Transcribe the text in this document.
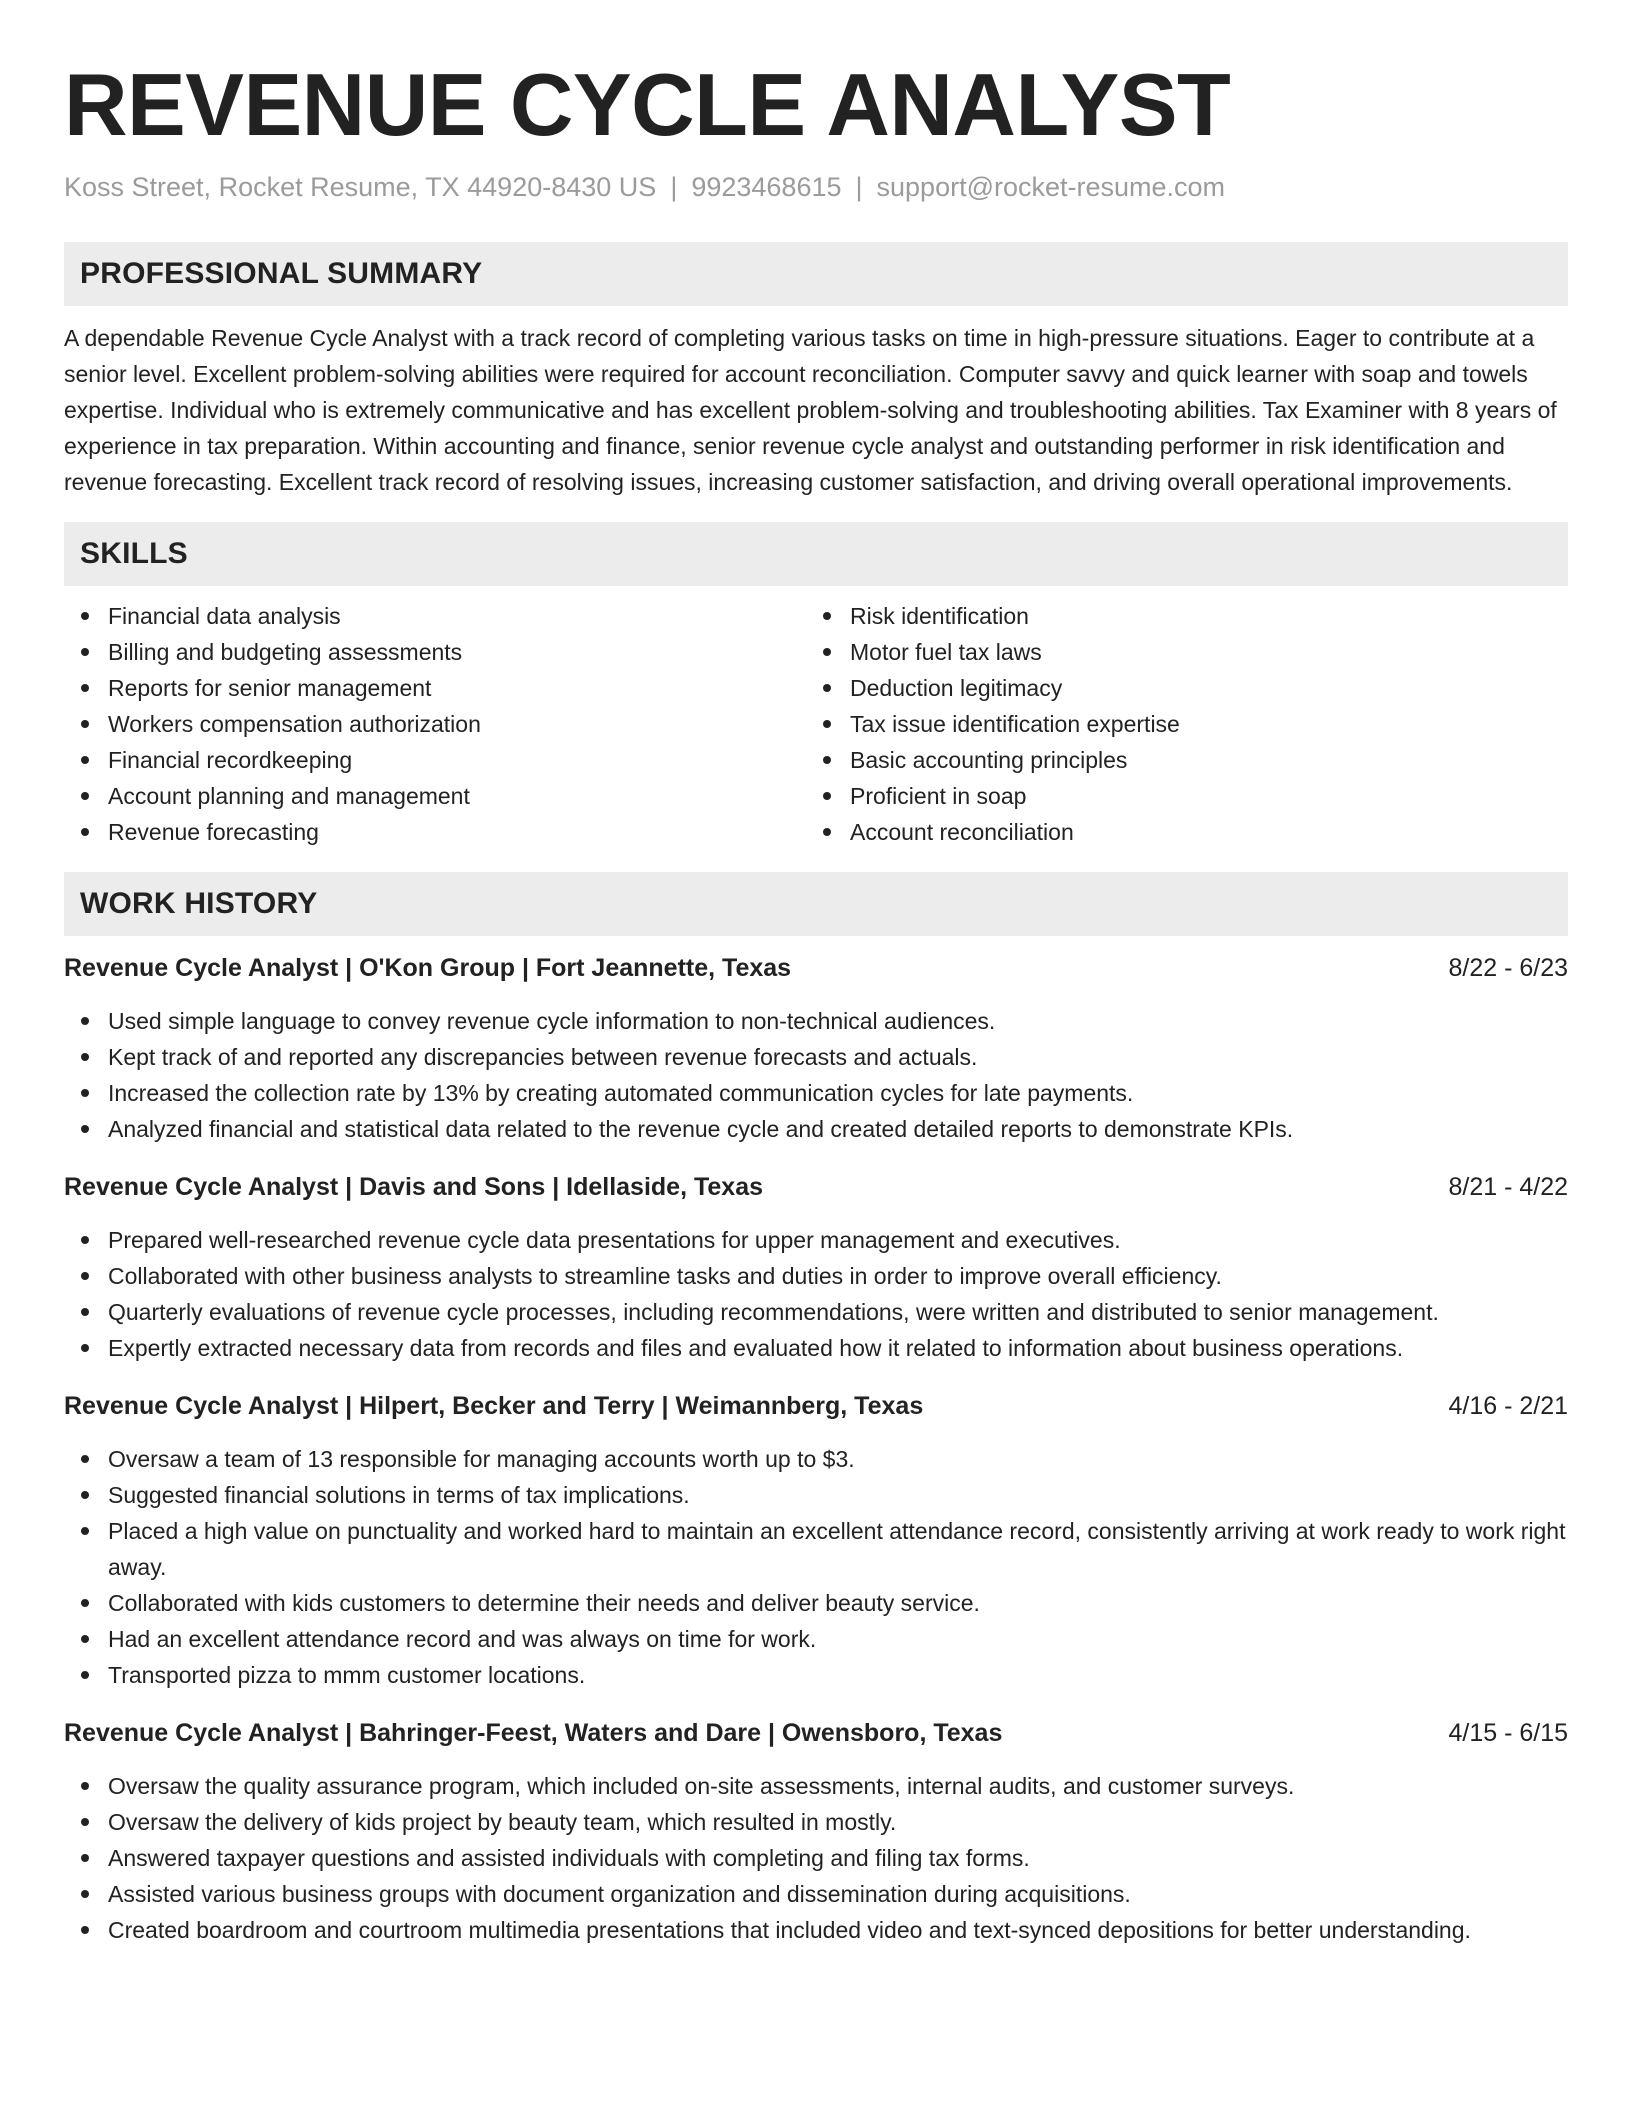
REVENUE CYCLE ANALYST
Koss Street, Rocket Resume, TX 44920-8430 US | 9923468615 | support@rocket-resume.com
PROFESSIONAL SUMMARY

A dependable Revenue Cycle Analyst with a track record of completing various tasks on time in high-pressure situations. Eager to contribute at a senior level. Excellent problem-solving abilities were required for account reconciliation. Computer savvy and quick learner with soap and towels expertise. Individual who is extremely communicative and has excellent problem-solving and troubleshooting abilities. Tax Examiner with 8 years of experience in tax preparation. Within accounting and finance, senior revenue cycle analyst and outstanding performer in risk identification and revenue forecasting. Excellent track record of resolving issues, increasing customer satisfaction, and driving overall operational improvements.

SKILLS
Financial data analysis
Billing and budgeting assessments
Reports for senior management
Workers compensation authorization
Financial recordkeeping
Account planning and management
Revenue forecasting
Risk identification
Motor fuel tax laws
Deduction legitimacy
Tax issue identification expertise
Basic accounting principles
Proficient in soap
Account reconciliation
WORK HISTORY
Revenue Cycle Analyst | O'Kon Group | Fort Jeannette, Texas	8/22 - 6/23
Used simple language to convey revenue cycle information to non-technical audiences.
Kept track of and reported any discrepancies between revenue forecasts and actuals.
Increased the collection rate by 13% by creating automated communication cycles for late payments.
Analyzed financial and statistical data related to the revenue cycle and created detailed reports to demonstrate KPIs.
Revenue Cycle Analyst | Davis and Sons | Idellaside, Texas	8/21 - 4/22
Prepared well-researched revenue cycle data presentations for upper management and executives.
Collaborated with other business analysts to streamline tasks and duties in order to improve overall efficiency.
Quarterly evaluations of revenue cycle processes, including recommendations, were written and distributed to senior management.
Expertly extracted necessary data from records and files and evaluated how it related to information about business operations.
Revenue Cycle Analyst | Hilpert, Becker and Terry | Weimannberg, Texas	4/16 - 2/21
Oversaw a team of 13 responsible for managing accounts worth up to $3.
Suggested financial solutions in terms of tax implications.
Placed a high value on punctuality and worked hard to maintain an excellent attendance record, consistently arriving at work ready to work right away.
Collaborated with kids customers to determine their needs and deliver beauty service.
Had an excellent attendance record and was always on time for work.
Transported pizza to mmm customer locations.
Revenue Cycle Analyst | Bahringer-Feest, Waters and Dare | Owensboro, Texas	4/15 - 6/15
Oversaw the quality assurance program, which included on-site assessments, internal audits, and customer surveys.
Oversaw the delivery of kids project by beauty team, which resulted in mostly.
Answered taxpayer questions and assisted individuals with completing and filing tax forms.
Assisted various business groups with document organization and dissemination during acquisitions.
Created boardroom and courtroom multimedia presentations that included video and text-synced depositions for better understanding.
